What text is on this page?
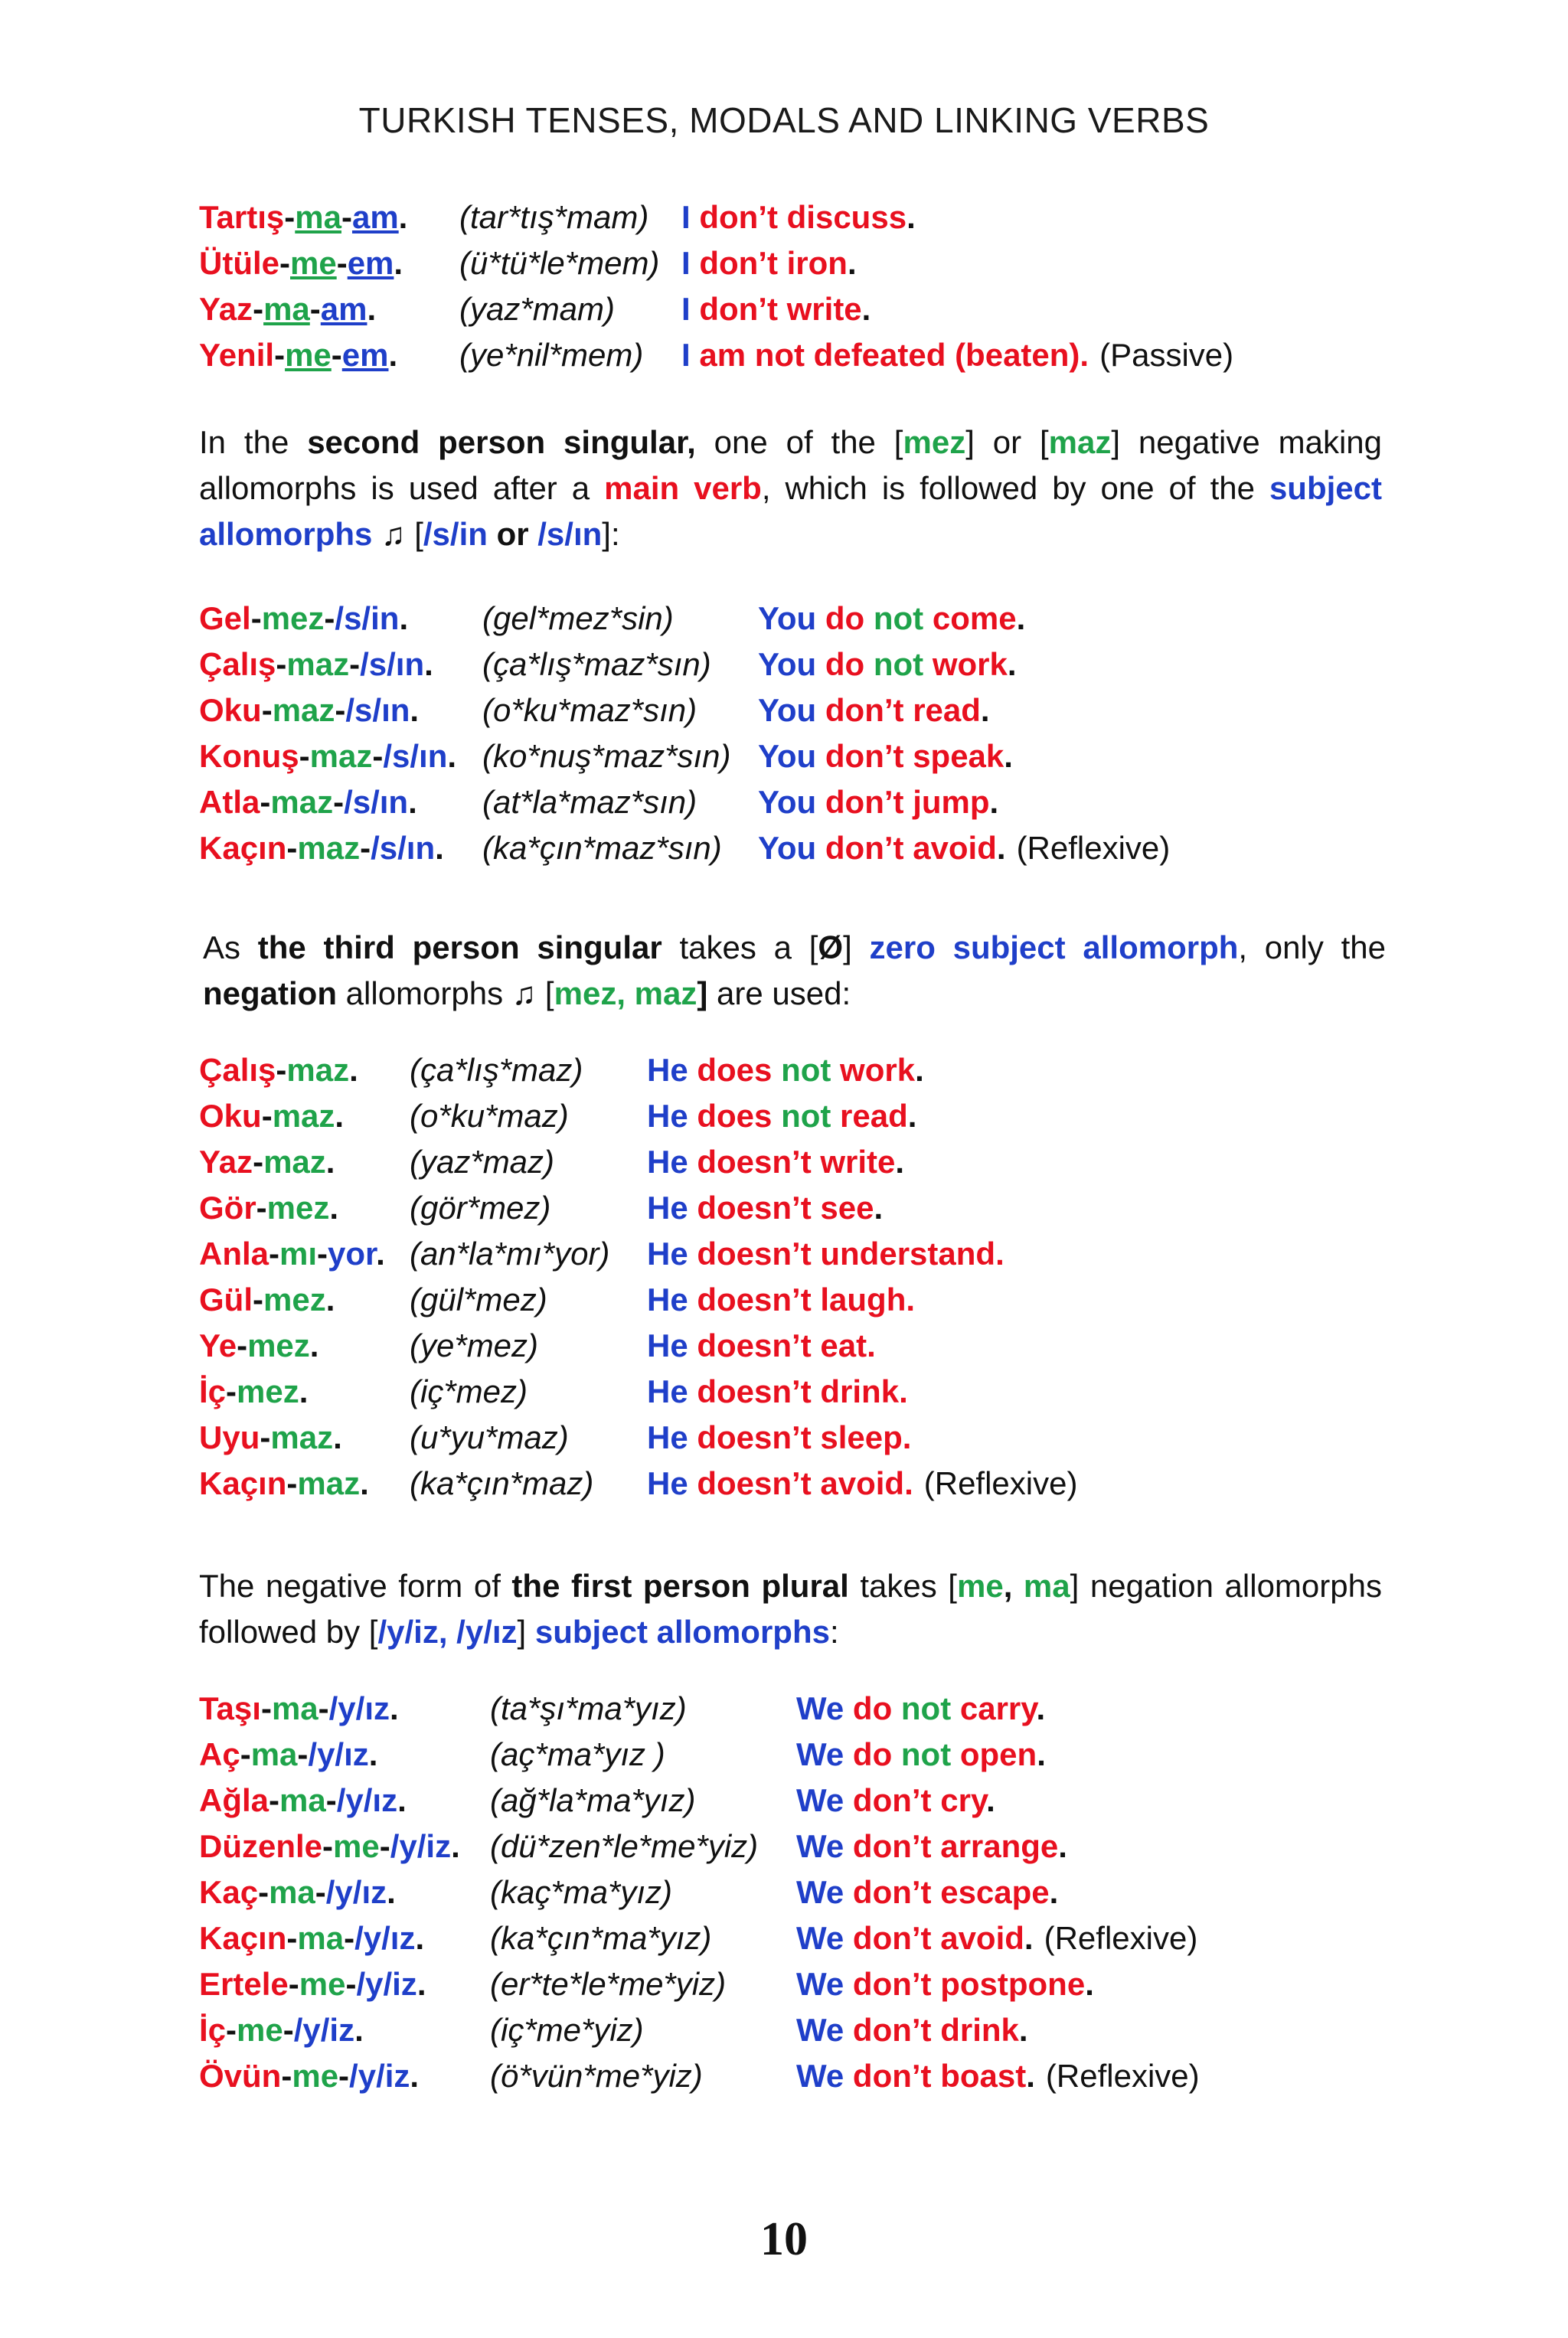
TURKISH TENSES, MODALS AND LINKING VERBS
Tartış-ma-am.	(tar*tış*mam)	I don’t discuss.
Ütüle-me-em.	(ü*tü*le*mem) I don’t iron.
Yaz-ma-am.	(yaz*mam)	I don’t write.
Yenil-me-em.	(ye*nil*mem)	I am not defeated (beaten). (Passive)
In the second person singular, one of the [mez] or [maz] negative making allomorphs is used after a main verb, which is followed by one of the subject allomorphs ♫ [/s/in or /s/ın]:
Gel-mez-/s/in.	(gel*mez*sin)	You do not come.
Çalış-maz-/s/ın.	(ça*lış*maz*sın)	You do not work.
Oku-maz-/s/ın.	(o*ku*maz*sın)	You don’t read.
Konuş-maz-/s/ın. (ko*nuş*maz*sın) You don’t speak.
Atla-maz-/s/ın.	(at*la*maz*sın)	You don’t jump.
Kaçın-maz-/s/ın.	(ka*çın*maz*sın)	You don’t avoid. (Reflexive)
As the third person singular takes a [Ø] zero subject allomorph, only the negation allomorphs ♫ [mez, maz] are used:
Çalış-maz.	(ça*lış*maz)	He does not work.
Oku-maz.	(o*ku*maz)	He does not read.
Yaz-maz.	(yaz*maz)	He doesn’t write.
Gör-mez.	(gör*mez)	He doesn’t see.
Anla-mı-yor. (an*la*mı*yor)	He doesn’t understand.
Gül-mez.	(gül*mez)	He doesn’t laugh.
Ye-mez.	(ye*mez)	He doesn’t eat.
İç-mez.	(iç*mez)	He doesn’t drink.
Uyu-maz.	(u*yu*maz)	He doesn’t sleep.
Kaçın-maz.	(ka*çın*maz)	He doesn’t avoid. (Reflexive)
The negative form of the first person plural takes [me, ma] negation allomorphs followed by [/y/iz, /y/ız] subject allomorphs:
Taşı-ma-/y/ız.	(ta*şı*ma*yız)	We do not carry.
Aç-ma-/y/ız.	(aç*ma*yız )	We do not open.
Ağla-ma-/y/ız.	(ağ*la*ma*yız)	We don’t cry.
Düzenle-me-/y/iz. (dü*zen*le*me*yiz)	We don’t arrange.
Kaç-ma-/y/ız.	(kaç*ma*yız)	We don’t escape.
Kaçın-ma-/y/ız.	(ka*çın*ma*yız)	We don’t avoid. (Reflexive)
Ertele-me-/y/iz.	(er*te*le*me*yiz)	We don’t postpone.
İç-me-/y/iz.	(iç*me*yiz)	We don’t drink.
Övün-me-/y/iz.	(ö*vün*me*yiz)	We don’t boast. (Reflexive)
10
